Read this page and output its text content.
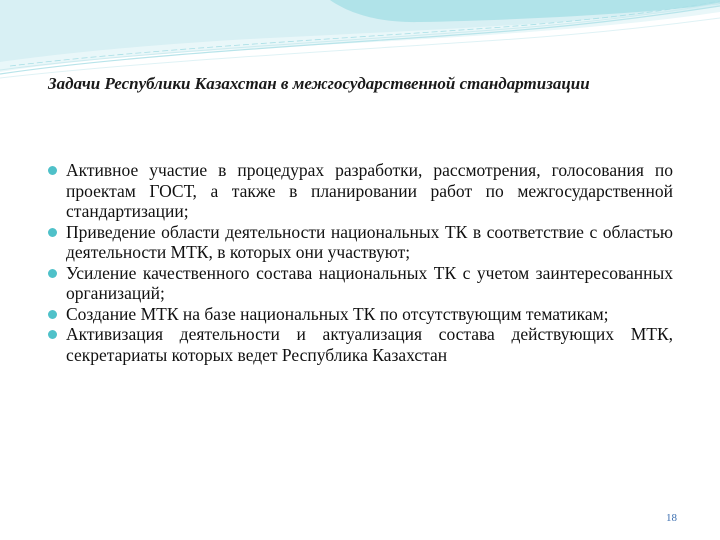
Задачи Республики Казахстан в межгосударственной стандартизации
Активное участие в процедурах разработки, рассмотрения, голосования по проектам ГОСТ, а также в планировании работ по межгосударственной стандартизации;
Приведение области деятельности национальных ТК в соответствие с областью деятельности МТК, в которых они участвуют;
Усиление качественного состава национальных ТК с учетом заинтересованных организаций;
Создание МТК на базе национальных ТК по отсутствующим тематикам;
Активизация деятельности и актуализация состава действующих МТК, секретариаты которых ведет Республика Казахстан
18
